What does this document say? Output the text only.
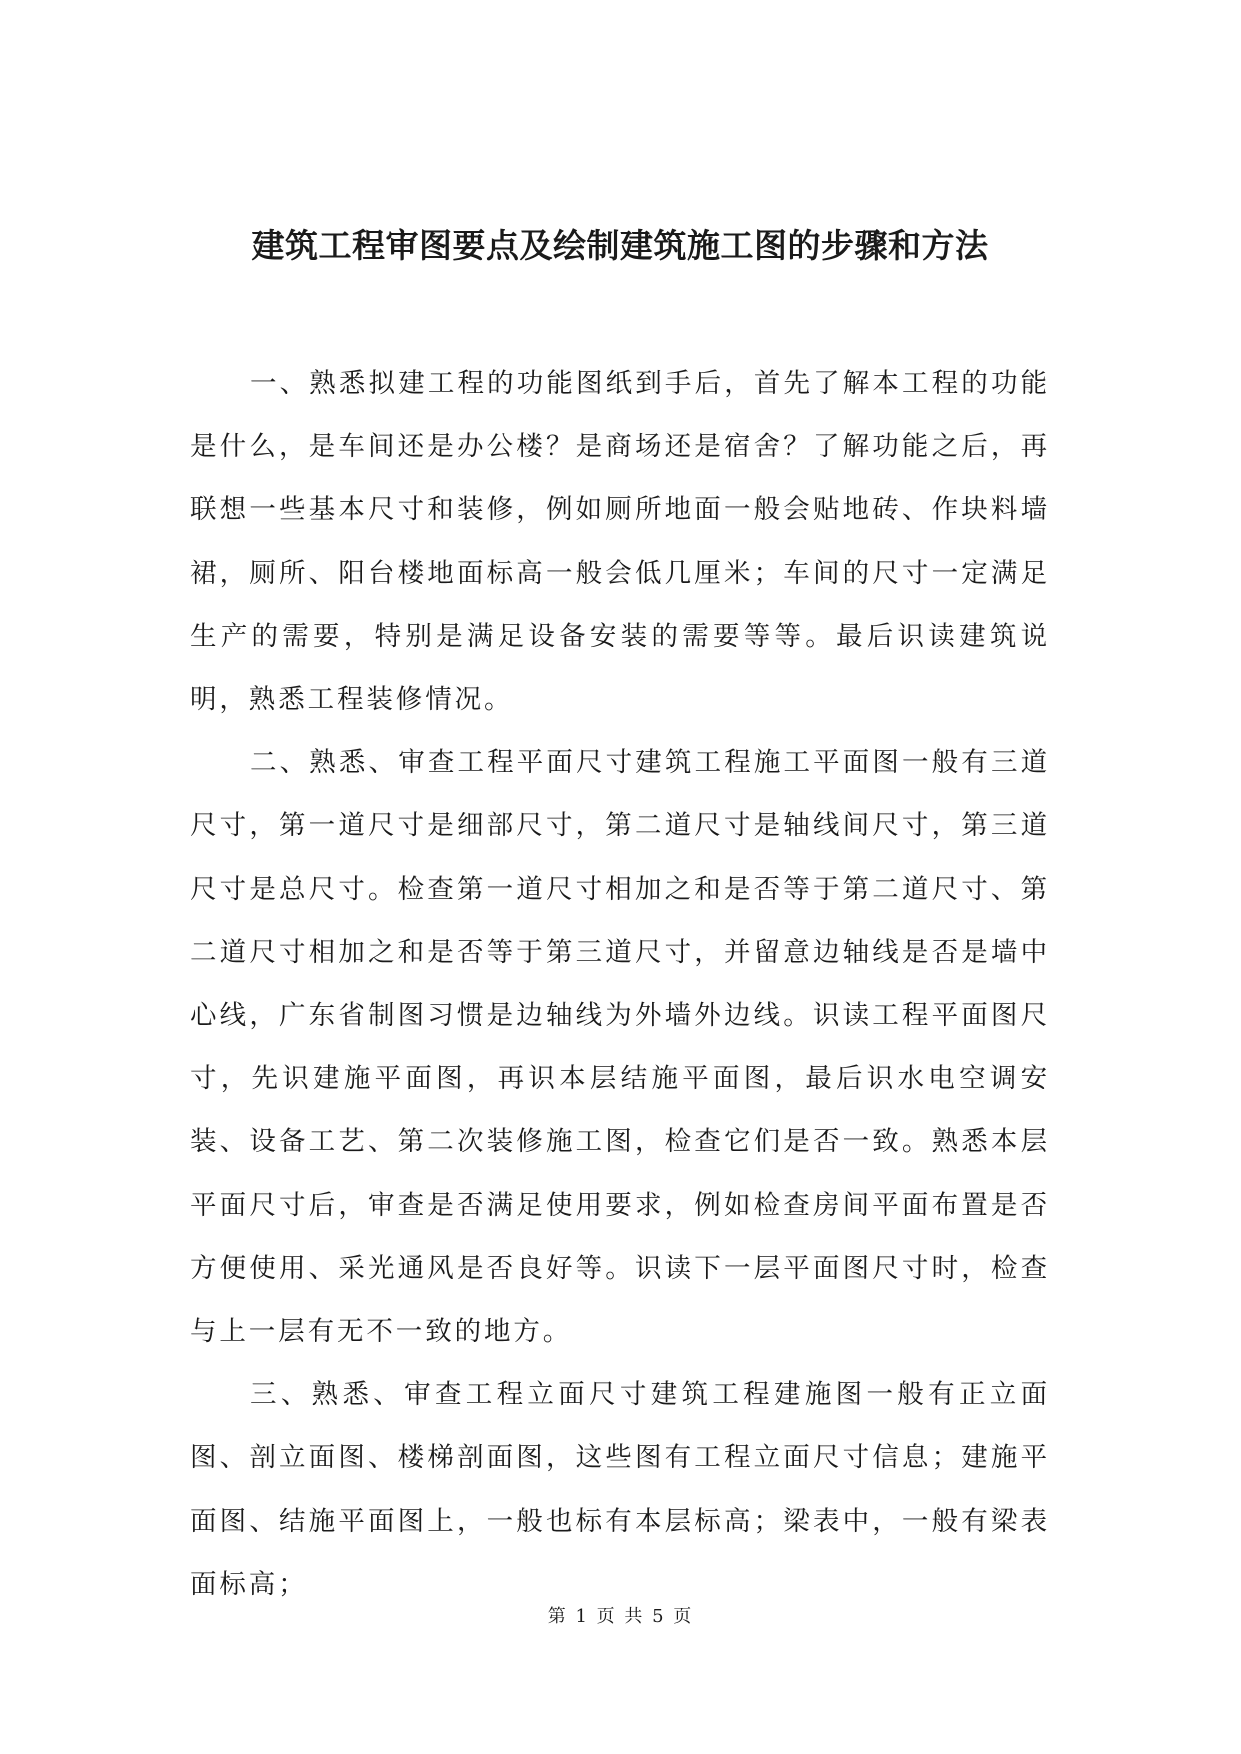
建筑工程审图要点及绘制建筑施工图的步骤和方法

一、熟悉拟建工程的功能图纸到手后，首先了解本工程的功能是什么，是车间还是办公楼？是商场还是宿舍？了解功能之后，再联想一些基本尺寸和装修，例如厕所地面一般会贴地砖、作块料墙裙，厕所、阳台楼地面标高一般会低几厘米；车间的尺寸一定满足生产的需要，特别是满足设备安装的需要等等。最后识读建筑说明，熟悉工程装修情况。

二、熟悉、审查工程平面尺寸建筑工程施工平面图一般有三道尺寸，第一道尺寸是细部尺寸，第二道尺寸是轴线间尺寸，第三道尺寸是总尺寸。检查第一道尺寸相加之和是否等于第二道尺寸、第二道尺寸相加之和是否等于第三道尺寸，并留意边轴线是否是墙中心线，广东省制图习惯是边轴线为外墙外边线。识读工程平面图尺寸，先识建施平面图，再识本层结施平面图，最后识水电空调安装、设备工艺、第二次装修施工图，检查它们是否一致。熟悉本层平面尺寸后，审查是否满足使用要求，例如检查房间平面布置是否方便使用、采光通风是否良好等。识读下一层平面图尺寸时，检查与上一层有无不一致的地方。

三、熟悉、审查工程立面尺寸建筑工程建施图一般有正立面图、剖立面图、楼梯剖面图，这些图有工程立面尺寸信息；建施平面图、结施平面图上，一般也标有本层标高；梁表中，一般有梁表面标高；

第 1 页 共 5 页
